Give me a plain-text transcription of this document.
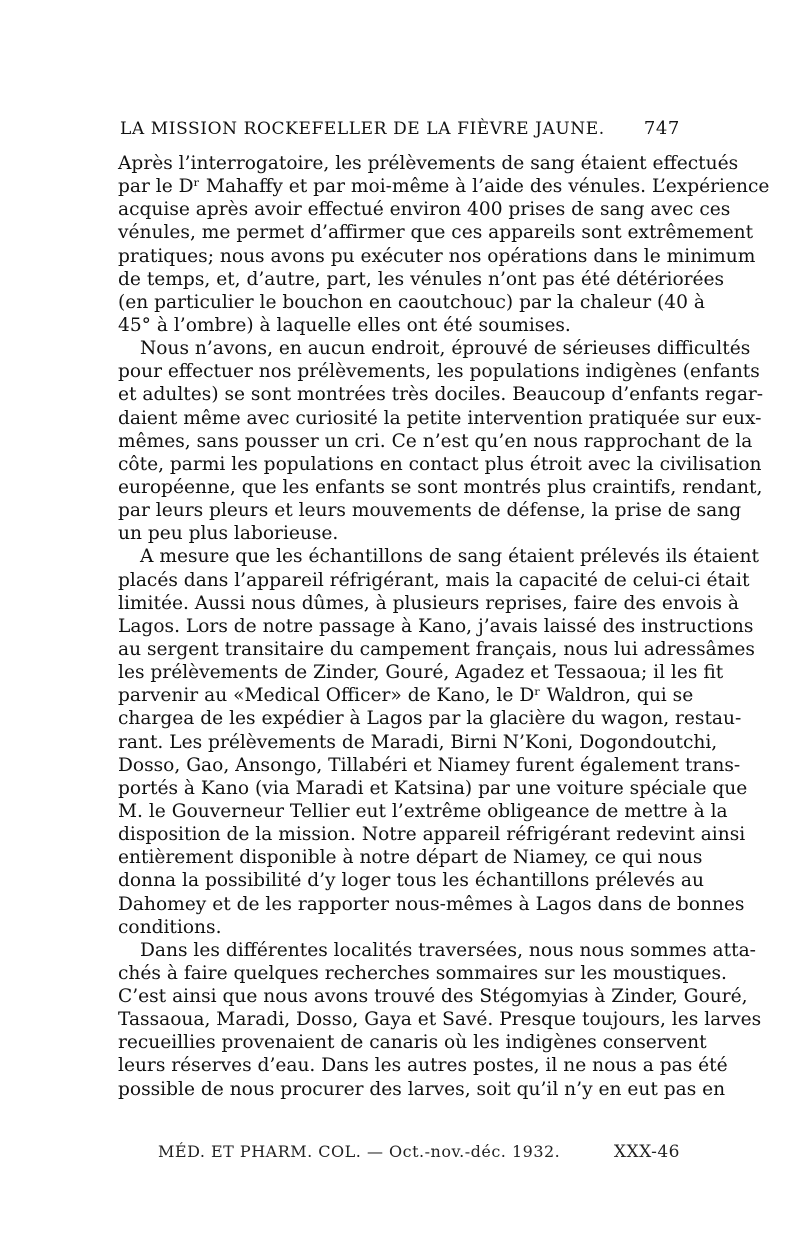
LA MISSION ROCKEFELLER DE LA FIÈVRE JAUNE. 747
Après l’interrogatoire, les prélèvements de sang étaient effectués
par le Dʳ Mahaffy et par moi-même à l’aide des vénules. L’expérience
acquise après avoir effectué environ 400 prises de sang avec ces
vénules, me permet d’affirmer que ces appareils sont extrêmement
pratiques; nous avons pu exécuter nos opérations dans le minimum
de temps, et, d’autre, part, les vénules n’ont pas été détériorées
(en particulier le bouchon en caoutchouc) par la chaleur (40 à
45° à l’ombre) à laquelle elles ont été soumises.
Nous n’avons, en aucun endroit, éprouvé de sérieuses difficultés
pour effectuer nos prélèvements, les populations indigènes (enfants
et adultes) se sont montrées très dociles. Beaucoup d’enfants regar-
daient même avec curiosité la petite intervention pratiquée sur eux-
mêmes, sans pousser un cri. Ce n’est qu’en nous rapprochant de la
côte, parmi les populations en contact plus étroit avec la civilisation
européenne, que les enfants se sont montrés plus craintifs, rendant,
par leurs pleurs et leurs mouvements de défense, la prise de sang
un peu plus laborieuse.
A mesure que les échantillons de sang étaient prélevés ils étaient
placés dans l’appareil réfrigérant, mais la capacité de celui-ci était
limitée. Aussi nous dûmes, à plusieurs reprises, faire des envois à
Lagos. Lors de notre passage à Kano, j’avais laissé des instructions
au sergent transitaire du campement français, nous lui adressâmes
les prélèvements de Zinder, Gouré, Agadez et Tessaoua; il les fit
parvenir au «Medical Officer» de Kano, le Dʳ Waldron, qui se
chargea de les expédier à Lagos par la glacière du wagon, restau-
rant. Les prélèvements de Maradi, Birni N’Koni, Dogondoutchi,
Dosso, Gao, Ansongo, Tillabéri et Niamey furent également trans-
portés à Kano (via Maradi et Katsina) par une voiture spéciale que
M. le Gouverneur Tellier eut l’extrême obligeance de mettre à la
disposition de la mission. Notre appareil réfrigérant redevint ainsi
entièrement disponible à notre départ de Niamey, ce qui nous
donna la possibilité d’y loger tous les échantillons prélevés au
Dahomey et de les rapporter nous-mêmes à Lagos dans de bonnes
conditions.
Dans les différentes localités traversées, nous nous sommes atta-
chés à faire quelques recherches sommaires sur les moustiques.
C’est ainsi que nous avons trouvé des Stégomyias à Zinder, Gouré,
Tassaoua, Maradi, Dosso, Gaya et Savé. Presque toujours, les larves
recueillies provenaient de canaris où les indigènes conservent
leurs réserves d’eau. Dans les autres postes, il ne nous a pas été
possible de nous procurer des larves, soit qu’il n’y en eut pas en
MÉD. ET PHARM. COL. — Oct.-nov.-déc. 1932.	XXX-46
